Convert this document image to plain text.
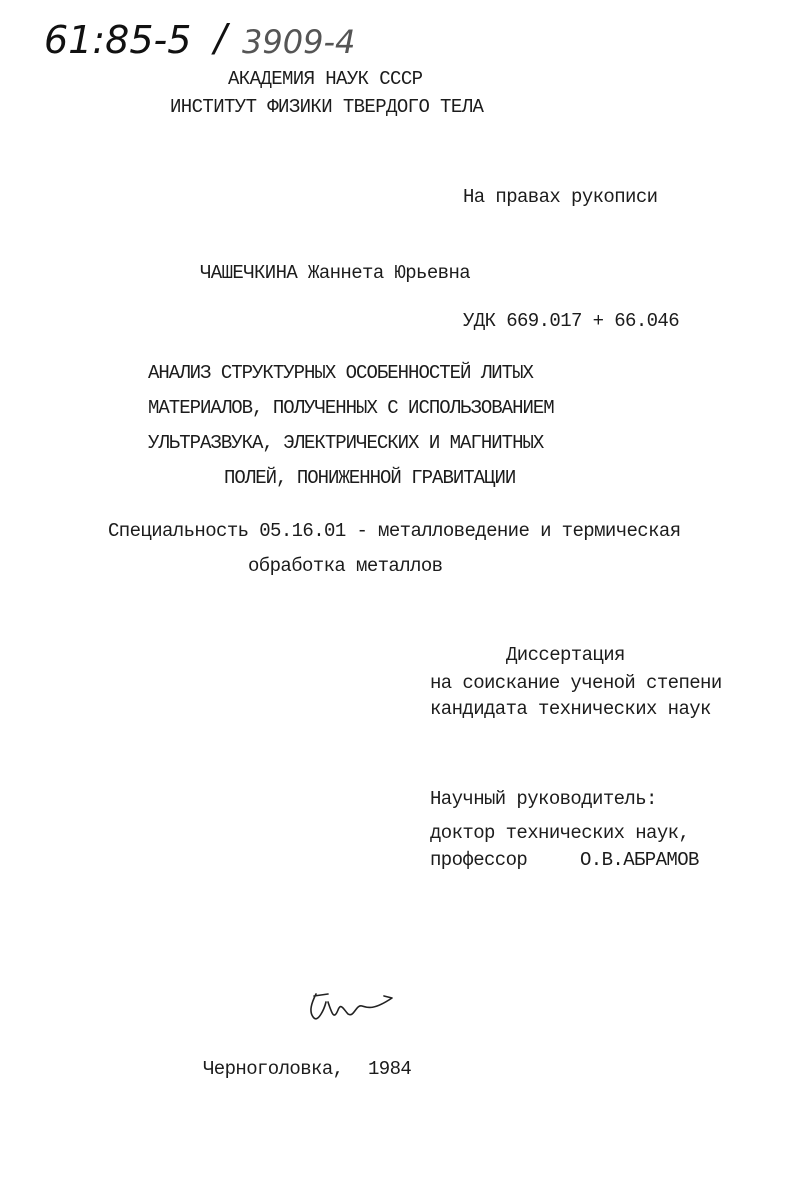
61:85-5 / 3909-4
АКАДЕМИЯ НАУК СССР
ИНСТИТУТ ФИЗИКИ ТВЕРДОГО ТЕЛА
На правах рукописи
ЧАШЕЧКИНА Жаннета Юрьевна
УДК 669.017 + 66.046
АНАЛИЗ СТРУКТУРНЫХ ОСОБЕННОСТЕЙ ЛИТЫХ
МАТЕРИАЛОВ, ПОЛУЧЕННЫХ С ИСПОЛЬЗОВАНИЕМ
УЛЬТРАЗВУКА, ЭЛЕКТРИЧЕСКИХ И МАГНИТНЫХ
ПОЛЕЙ, ПОНИЖЕННОЙ ГРАВИТАЦИИ
Специальность 05.16.01 - металловедение и термическая
обработка металлов
Диссертация
на соискание ученой степени
кандидата технических наук
Научный руководитель:
доктор технических наук,
профессор	О.В.АБРАМОВ
Черноголовка, 1984
